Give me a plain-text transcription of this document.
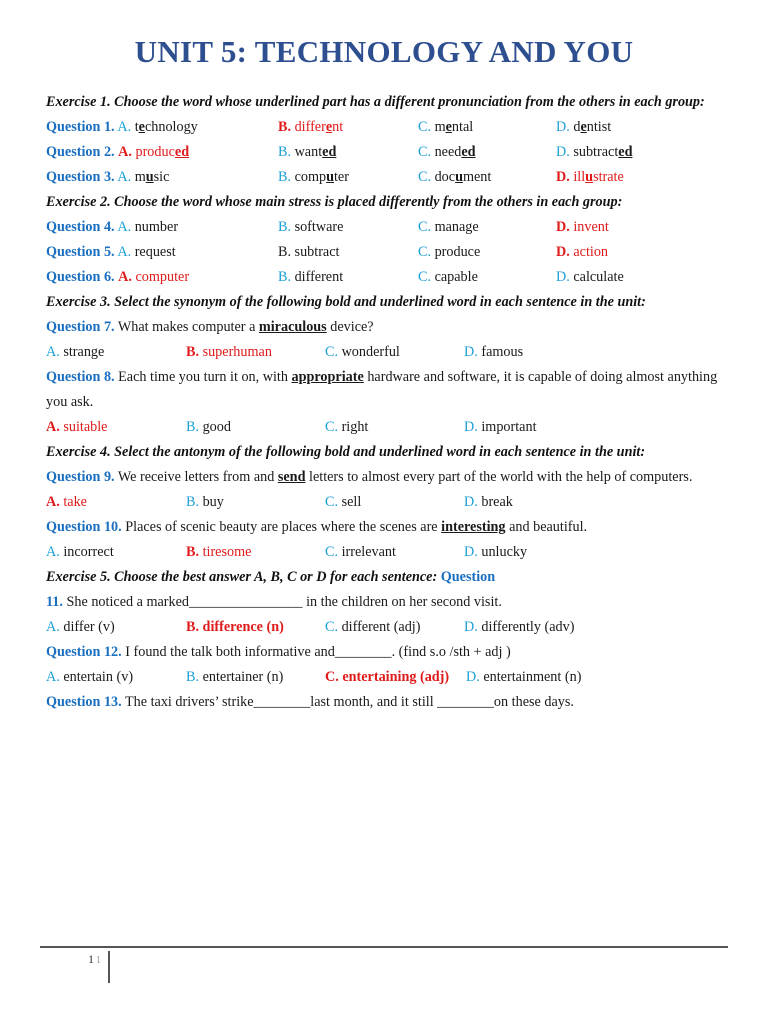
UNIT 5: TECHNOLOGY AND YOU
Exercise 1. Choose the word whose underlined part has a different pronunciation from the others in each group:
Question 1. A. technology	B. different	C. mental	D. dentist
Question 2. A. produced	B. wanted	C. needed	D. subtracted
Question 3. A. music	B. computer	C. document	D. illustrate
Exercise 2. Choose the word whose main stress is placed differently from the others in each group:
Question 4. A. number	B. software	C. manage	D. invent
Question 5. A. request	B. subtract	C. produce	D. action
Question 6. A. computer	B. different	C. capable	D. calculate
Exercise 3. Select the synonym of the following bold and underlined word in each sentence in the unit:
Question 7. What makes computer a miraculous device?
A. strange	B. superhuman	C. wonderful	D. famous
Question 8. Each time you turn it on, with appropriate hardware and software, it is capable of doing almost anything you ask.
A. suitable	B. good	C. right	D. important
Exercise 4. Select the antonym of the following bold and underlined word in each sentence in the unit:
Question 9. We receive letters from and send letters to almost every part of the world with the help of computers.
A. take	B. buy	C. sell	D. break
Question 10. Places of scenic beauty are places where the scenes are interesting and beautiful.
A. incorrect	B. tiresome	C. irrelevant	D. unlucky
Exercise 5. Choose the best answer A, B, C or D for each sentence: Question
11. She noticed a marked________________ in the children on her second visit.
A. differ (v)	B. difference (n)	C. different (adj)	D. differently (adv)
Question 12. I found the talk both informative and________. (find s.o /sth + adj )
A. entertain (v)	B. entertainer (n)	C. entertaining (adj) D. entertainment (n)
Question 13. The taxi drivers’ strike________last month, and it still ________on these days.
1 1
